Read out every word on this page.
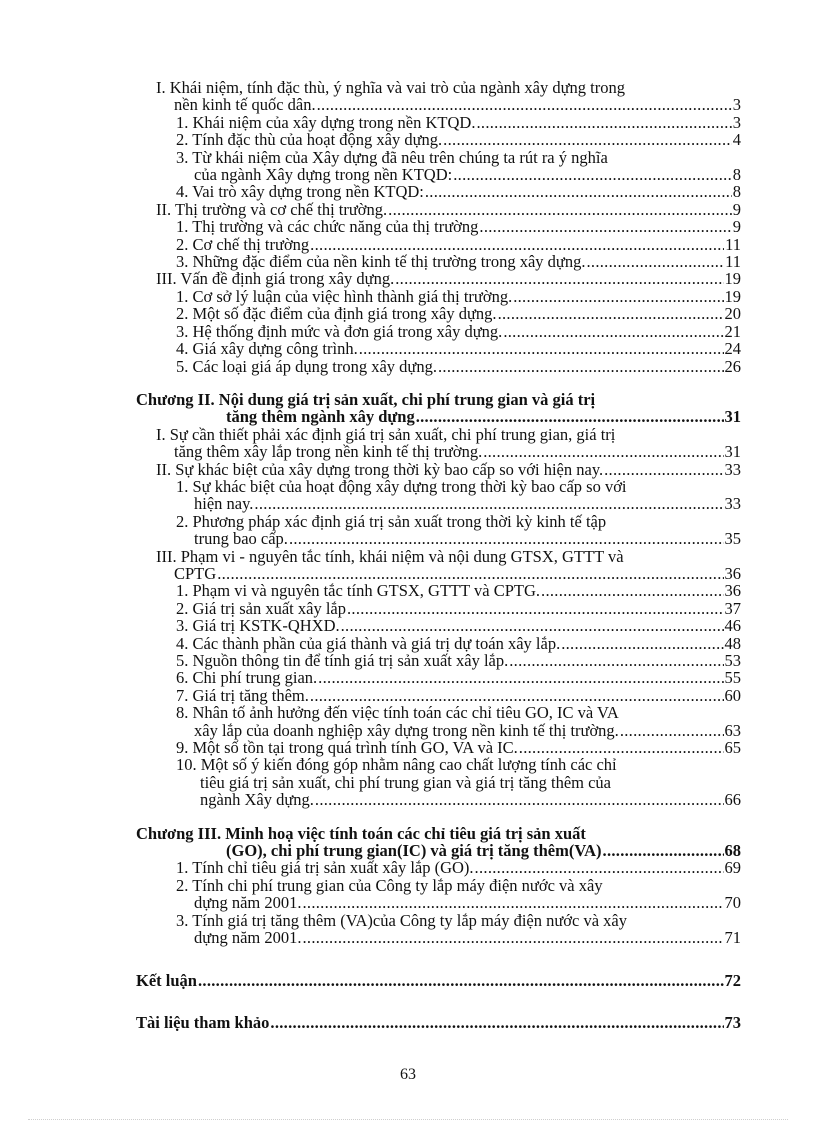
I. Khái niệm, tính đặc thù, ý nghĩa và vai trò của ngành xây dựng trong
nền kinh tế quốc dân. .....	3
1. Khái niệm của xây dựng trong nền KTQD. .....	3
2. Tính đặc thù của hoạt động xây dựng. .....	4
3. Từ khái niệm của Xây dựng đã nêu trên chúng ta rút ra ý nghĩa
của ngành Xây dựng trong nền KTQD: .....	8
4. Vai trò xây dựng trong nền KTQD: .....	8
II. Thị trường và cơ chế thị trường. .....	9
1. Thị trường và các chức năng của thị trường .....	9
2. Cơ chế thị trường .....	11
3. Những đặc điểm của nền kinh tế thị trường trong xây dựng. .....	11
III. Vấn đề định giá trong xây dựng. .....	19
1. Cơ sở lý luận của việc hình thành giá thị trường. .....	19
2. Một số đặc điểm của định giá trong xây dựng. .....	20
3. Hệ thống định mức và đơn giá trong xây dựng. .....	21
4. Giá xây dựng công trình. .....	24
5. Các loại giá áp dụng trong xây dựng. .....	26
Chương II. Nội dung giá trị sản xuất, chi phí trung gian và giá trị
tăng thêm ngành xây dựng .....	31
I. Sự cần thiết phải xác định giá trị sản xuất, chi phí trung gian, giá trị
tăng thêm xây lắp trong nền kinh tế thị trường. .....	31
II. Sự khác biệt của xây dựng trong thời kỳ bao cấp so với hiện nay. .....	33
1. Sự khác biệt của hoạt động xây dựng trong thời kỳ bao cấp so với
hiện nay. .....	33
2. Phương pháp xác định giá trị sản xuất trong thời kỳ kinh tế tập
trung bao cấp. .....	35
III. Phạm vi - nguyên tắc tính, khái niệm và nội dung GTSX, GTTT và
CPTG .....	36
1. Phạm vi và nguyên tắc tính GTSX, GTTT và CPTG. .....	36
2. Giá trị sản xuất xây lắp .....	37
3. Giá trị KSTK-QHXD. .....	46
4. Các thành phần của giá thành và giá trị dự toán xây lắp. .....	48
5. Nguồn thông tin để tính giá trị sản xuất xây lắp. .....	53
6. Chi phí trung gian. .....	55
7. Giá trị tăng thêm. .....	60
8. Nhân tố ảnh hưởng đến việc tính toán các chỉ tiêu GO, IC và VA
xây lắp của doanh nghiệp xây dựng trong nền kinh tế thị trường. .....	63
9. Một số tồn tại trong quá trình tính GO, VA và IC. .....	65
10. Một số ý kiến đóng góp nhằm nâng cao chất lượng tính các chỉ
tiêu giá trị sản xuất, chi phí trung gian và giá trị tăng thêm của
ngành Xây dựng. .....	66
Chương III. Minh hoạ việc tính toán các chỉ tiêu giá trị sản xuất
(GO), chi phí trung gian(IC) và giá trị tăng thêm(VA) .....	68
1. Tính chỉ tiêu giá trị sản xuất xây lắp (GO). .....	69
2. Tính chi phí trung gian của Công ty lắp máy điện nước và xây
dựng năm 2001. .....	70
3. Tính giá trị tăng thêm (VA)của Công ty lắp máy điện nước và xây
dựng năm 2001. .....	71
Kết luận .....	72
Tài liệu tham khảo .....	73
63
